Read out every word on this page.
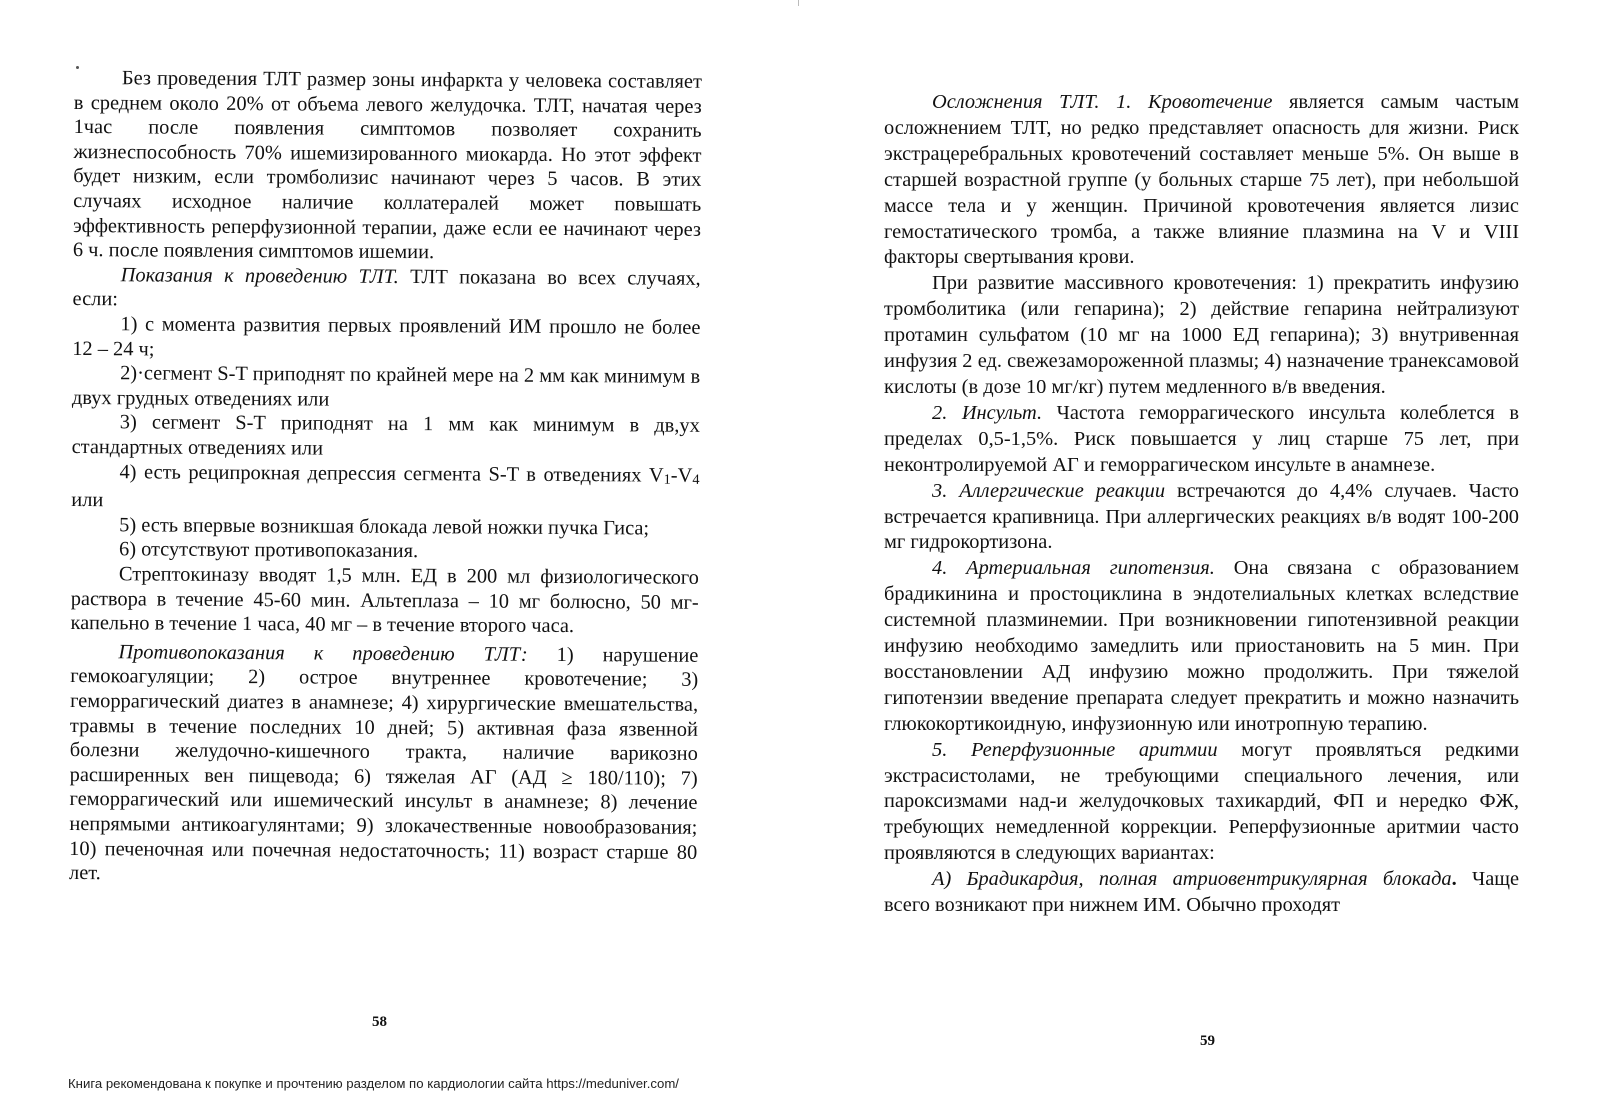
Без проведения ТЛТ размер зоны инфаркта у человека составляет в среднем около 20% от объема левого желудочка. ТЛТ, начатая через 1час после появления симптомов позволяет сохранить жизнеспособность 70% ишемизированного миокарда. Но этот эффект будет низким, если тромболизис начинают через 5 часов. В этих случаях исходное наличие коллатералей может повышать эффективность реперфузионной терапии, даже если ее начинают через 6 ч. после появления симптомов ишемии.

Показания к проведению ТЛТ. ТЛТ показана во всех случаях, если:

1) с момента развития первых проявлений ИМ прошло не более 12 – 24 ч;

2)·сегмент S-T приподнят по крайней мере на 2 мм как минимум в двух грудных отведениях или

3) сегмент S-T приподнят на 1 мм как минимум в дв,ух стандартных отведениях или

4) есть реципрокная депрессия сегмента S-T в отведениях V1-V4 или

5) есть впервые возникшая блокада левой ножки пучка Гиса;

6) отсутствуют противопоказания.

Стрептокиназу вводят 1,5 млн. ЕД в 200 мл физиологического раствора в течение 45-60 мин. Альтеплаза – 10 мг болюсно, 50 мг- капельно в течение 1 часа, 40 мг – в течение второго часа.

Противопоказания к проведению ТЛТ: 1) нарушение гемокоагуляции; 2) острое внутреннее кровотечение; 3) геморрагический диатез в анамнезе; 4) хирургические вмешательства, травмы в течение последних 10 дней; 5) активная фаза язвенной болезни желудочно-кишечного тракта, наличие варикозно расширенных вен пищевода; 6) тяжелая АГ (АД ≥ 180/110); 7) геморрагический или ишемический инсульт в анамнезе; 8) лечение непрямыми антикоагулянтами; 9) злокачественные новообразования; 10) печеночная или почечная недостаточность; 11) возраст старше 80 лет.

58

Осложнения ТЛТ. 1. Кровотечение является самым частым осложнением ТЛТ, но редко представляет опасность для жизни. Риск экстрацеребральных кровотечений составляет меньше 5%. Он выше в старшей возрастной группе (у больных старше 75 лет), при небольшой массе тела и у женщин. Причиной кровотечения является лизис гемостатического тромба, а также влияние плазмина на V и VIII факторы свертывания крови.

При развитие массивного кровотечения: 1) прекратить инфузию тромболитика (или гепарина); 2) действие гепарина нейтрализуют протамин сульфатом (10 мг на 1000 ЕД гепарина); 3) внутривенная инфузия 2 ед. свежезамороженной плазмы; 4) назначение транексамовой кислоты (в дозе 10 мг/кг) путем медленного в/в введения.

2. Инсульт. Частота геморрагического инсульта колеблется в пределах 0,5-1,5%. Риск повышается у лиц старше 75 лет, при неконтролируемой АГ и геморрагическом инсульте в анамнезе.

3. Аллергические реакции встречаются до 4,4% случаев. Часто встречается крапивница. При аллергических реакциях в/в водят 100-200 мг гидрокортизона.

4. Артериальная гипотензия. Она связана с образованием брадикинина и простоциклина в эндотелиальных клетках вследствие системной плазминемии. При возникновении гипотензивной реакции инфузию необходимо замедлить или приостановить на 5 мин. При восстановлении АД инфузию можно продолжить. При тяжелой гипотензии введение препарата следует прекратить и можно назначить глюкокортикоидную, инфузионную или инотропную терапию.

5. Реперфузионные аритмии могут проявляться редкими экстрасистолами, не требующими специального лечения, или пароксизмами над-и желудочковых тахикардий, ФП и нередко ФЖ, требующих немедленной коррекции. Реперфузионные аритмии часто проявляются в следующих вариантах:

А) Брадикардия, полная атриовентрикулярная блокада. Чаще всего возникают при нижнем ИМ. Обычно проходят

59
Книга рекомендована к покупке и прочтению разделом по кардиологии сайта https://meduniver.com/
